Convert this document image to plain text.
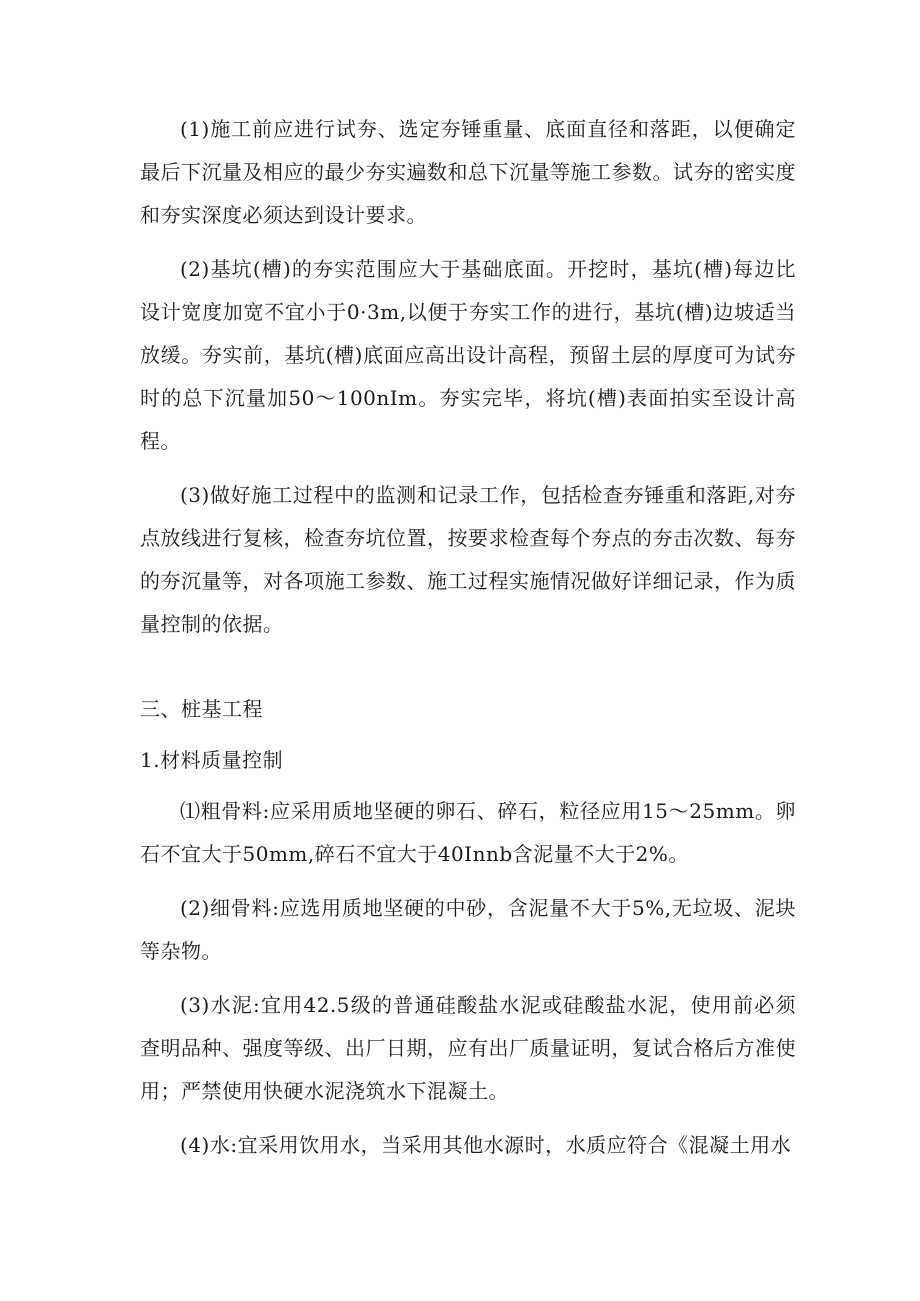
(1)施工前应进行试夯、选定夯锤重量、底面直径和落距，以便确定最后下沉量及相应的最少夯实遍数和总下沉量等施工参数。试夯的密实度和夯实深度必须达到设计要求。

(2)基坑(槽)的夯实范围应大于基础底面。开挖时，基坑(槽)每边比设计宽度加宽不宜小于0·3m,以便于夯实工作的进行，基坑(槽)边坡适当放缓。夯实前，基坑(槽)底面应高出设计高程，预留土层的厚度可为试夯时的总下沉量加50～100nIm。夯实完毕，将坑(槽)表面拍实至设计高程。

(3)做好施工过程中的监测和记录工作，包括检查夯锤重和落距,对夯点放线进行复核，检查夯坑位置，按要求检查每个夯点的夯击次数、每夯的夯沉量等，对各项施工参数、施工过程实施情况做好详细记录，作为质量控制的依据。

三、桩基工程

1.材料质量控制

⑴粗骨料:应采用质地坚硬的卵石、碎石，粒径应用15～25mm。卵石不宜大于50mm,碎石不宜大于40Innb含泥量不大于2%。

(2)细骨料:应选用质地坚硬的中砂，含泥量不大于5%,无垃圾、泥块等杂物。

(3)水泥:宜用42.5级的普通硅酸盐水泥或硅酸盐水泥，使用前必须查明品种、强度等级、出厂日期，应有出厂质量证明，复试合格后方准使用；严禁使用快硬水泥浇筑水下混凝土。

(4)水:宜采用饮用水，当采用其他水源时，水质应符合《混凝土用水
